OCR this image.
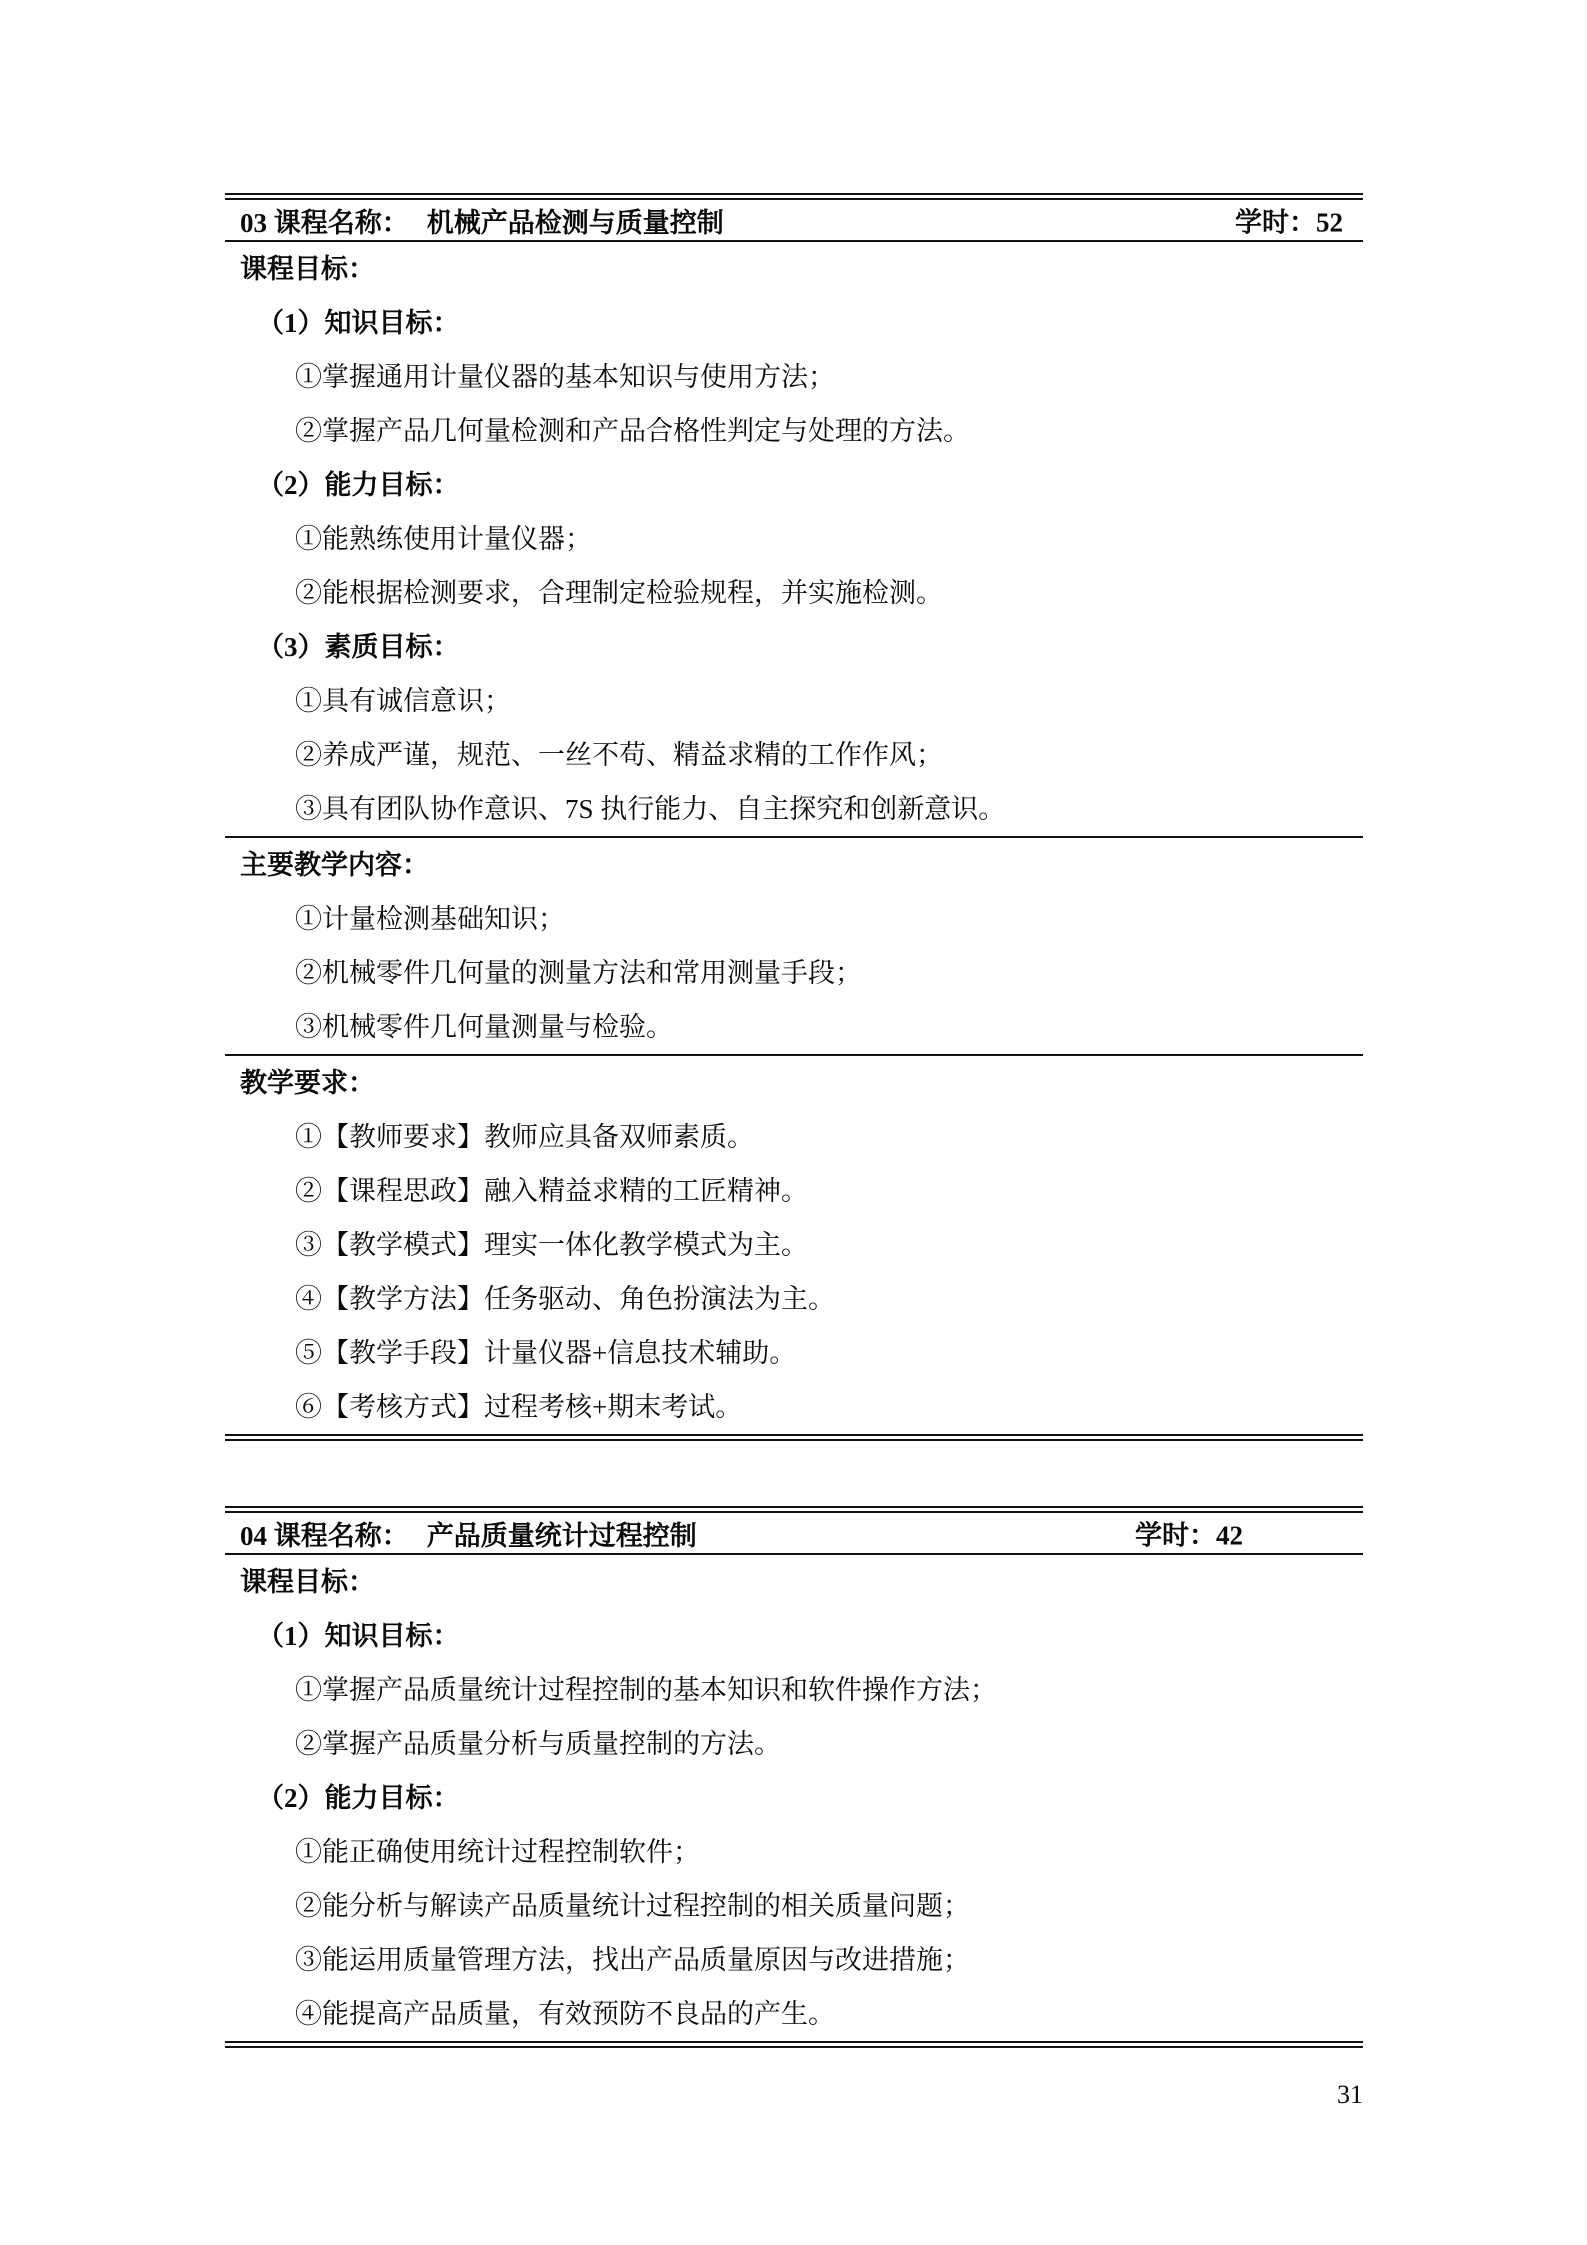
03 课程名称： 机械产品检测与质量控制	学时：52
课程目标：
（1）知识目标：
①掌握通用计量仪器的基本知识与使用方法；
②掌握产品几何量检测和产品合格性判定与处理的方法。
（2）能力目标：
①能熟练使用计量仪器；
②能根据检测要求，合理制定检验规程，并实施检测。
（3）素质目标：
①具有诚信意识；
②养成严谨，规范、一丝不苟、精益求精的工作作风；
③具有团队协作意识、7S 执行能力、自主探究和创新意识。
主要教学内容：
①计量检测基础知识；
②机械零件几何量的测量方法和常用测量手段；
③机械零件几何量测量与检验。
教学要求：
①【教师要求】教师应具备双师素质。
②【课程思政】融入精益求精的工匠精神。
③【教学模式】理实一体化教学模式为主。
④【教学方法】任务驱动、角色扮演法为主。
⑤【教学手段】计量仪器+信息技术辅助。
⑥【考核方式】过程考核+期末考试。
04 课程名称： 产品质量统计过程控制	学时：42
课程目标：
（1）知识目标：
①掌握产品质量统计过程控制的基本知识和软件操作方法；
②掌握产品质量分析与质量控制的方法。
（2）能力目标：
①能正确使用统计过程控制软件；
②能分析与解读产品质量统计过程控制的相关质量问题；
③能运用质量管理方法，找出产品质量原因与改进措施；
④能提高产品质量，有效预防不良品的产生。
31
